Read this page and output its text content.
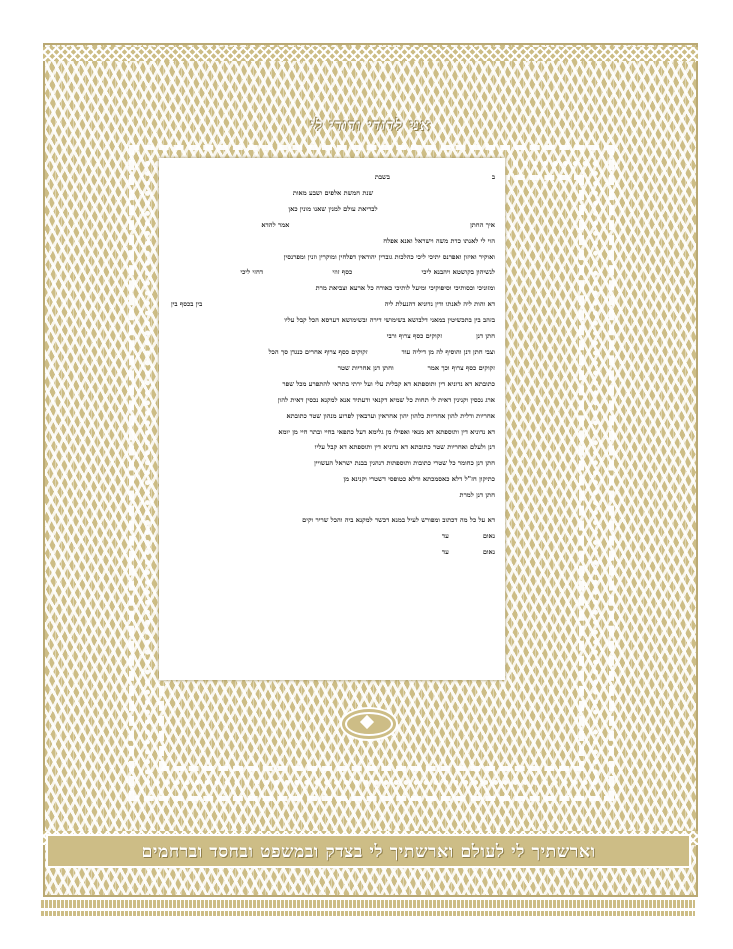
אני לדודי ודודי לי
ב
בשבת
שנת חמשת אלפים ושבע מאות
לבריאת עולם למנין שאנו מונין כאן
איך החתן
אמר להדא
הוי לי לאנתו כדת משה וישראל ואנא אפלח
ואוקיר ואיזון ואפרנס יתיכי ליכי כהלכות גוברין יהודאין דפלחין ומוקרין וזנין ומפרנסין
לנשיהון בקושטא ויהבנא ליכי
כסף זוזי
דחזי ליכי
ומזוניכי וכסותיכי וסיפוקיכי ומיעל לותיכי כאורח כל ארעא וצביאת מרת
דא והות ליה לאנתו ודין נדוניא דהנעלת ליה
בין בכסף בין
בזהב בין בתכשיטין במאני דלבושא בשימושי דירה ובשימושא דערסא הכל קבל עליו
חתן דנן
זקוקים כסף צרוף ורבי
וצבי חתן דנן והוסיף לה מן דיליה עוד
זקוקים כסף צרוף אחרים כנגדן סך הכל
זקוקים כסף צרוף וכך אמר
וחתן דנן אחריות שטר
כתובתא דא נדוניא דין ותוספתא דא קבלית עלי ועל ירתי בתראי להתפרע מכל שפר
ארג נכסין וקנינין דאית לי תחות כל שמיא דקנאי ודעתיד אנא למקנא נכסין דאית להון
אחריות ודלית להון אחריות כלהון יהון אחראין וערבאין לפרוע מנהון שטר כתובתא
דא נדוניא דין ותוספתא דא מנאי ואפילו מן גלימא דעל כתפאי בחיי ובתר חיי מן יומא
דנן ולעלם ואחריות שטר כתובתא דא נדוניא דין ותוספתא דא קבל עליו
חתן דנן כחומר כל שטרי כתובות ותוספתות דנהגין בבנת ישראל העשויין
כתיקון חז"ל דלא כאסמכתא ודלא כטופסי דשטרי וקנינא מן
חתן דנן למרת
דא על כל מה דכתוב ומפורש לעיל במנא דכשר למקנא ביה והכל שריר וקים
נאום
עד
נאום
עד
וארשתיך לי לעולם וארשתיך לי בצדק ובמשפט ובחסד וברחמים
